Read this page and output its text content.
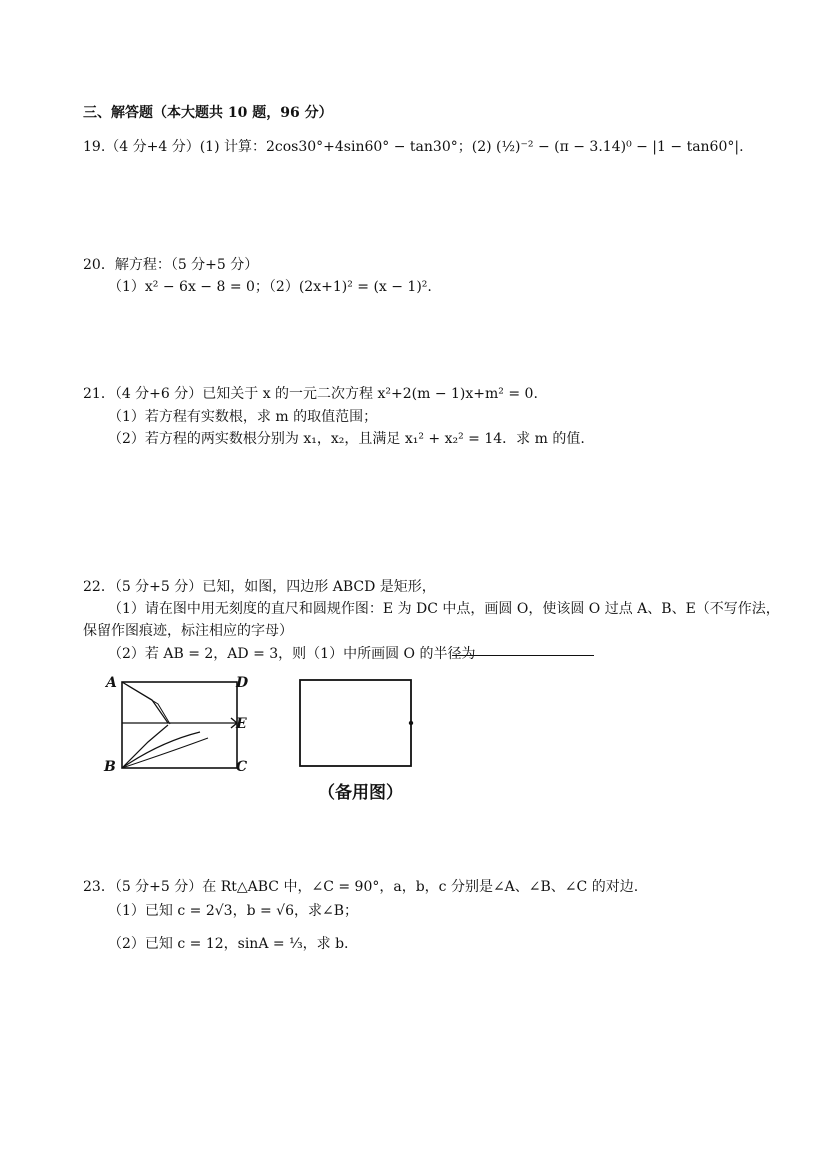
三、解答题（本大题共 10 题，96 分）
19.（4 分+4 分）(1) 计算：2cos30°+4sin60° − tan30°；(2) (½)⁻² − (π − 3.14)⁰ − |1 − tan60°|.
20．解方程：（5 分+5 分）
（1）x² − 6x − 8 = 0；（2）(2x+1)² = (x − 1)².
21．（4 分+6 分）已知关于 x 的一元二次方程 x²+2(m − 1)x+m² = 0.
（1）若方程有实数根，求 m 的取值范围；
（2）若方程的两实数根分别为 x₁，x₂，且满足 x₁² + x₂² = 14．求 m 的值.
22．（5 分+5 分）已知，如图，四边形 ABCD 是矩形，
（1）请在图中用无刻度的直尺和圆规作图：E 为 DC 中点，画圆 O，使该圆 O 过点 A、B、E（不写作法，
保留作图痕迹，标注相应的字母）
（2）若 AB = 2，AD = 3，则（1）中所画圆 O 的半径为
A	D
E
B	C
（备用图）
23．（5 分+5 分）在 Rt△ABC 中，∠C = 90°，a，b，c 分别是∠A、∠B、∠C 的对边.
（1）已知 c = 2√3，b = √6，求∠B；
（2）已知 c = 12，sinA = ⅓，求 b.
